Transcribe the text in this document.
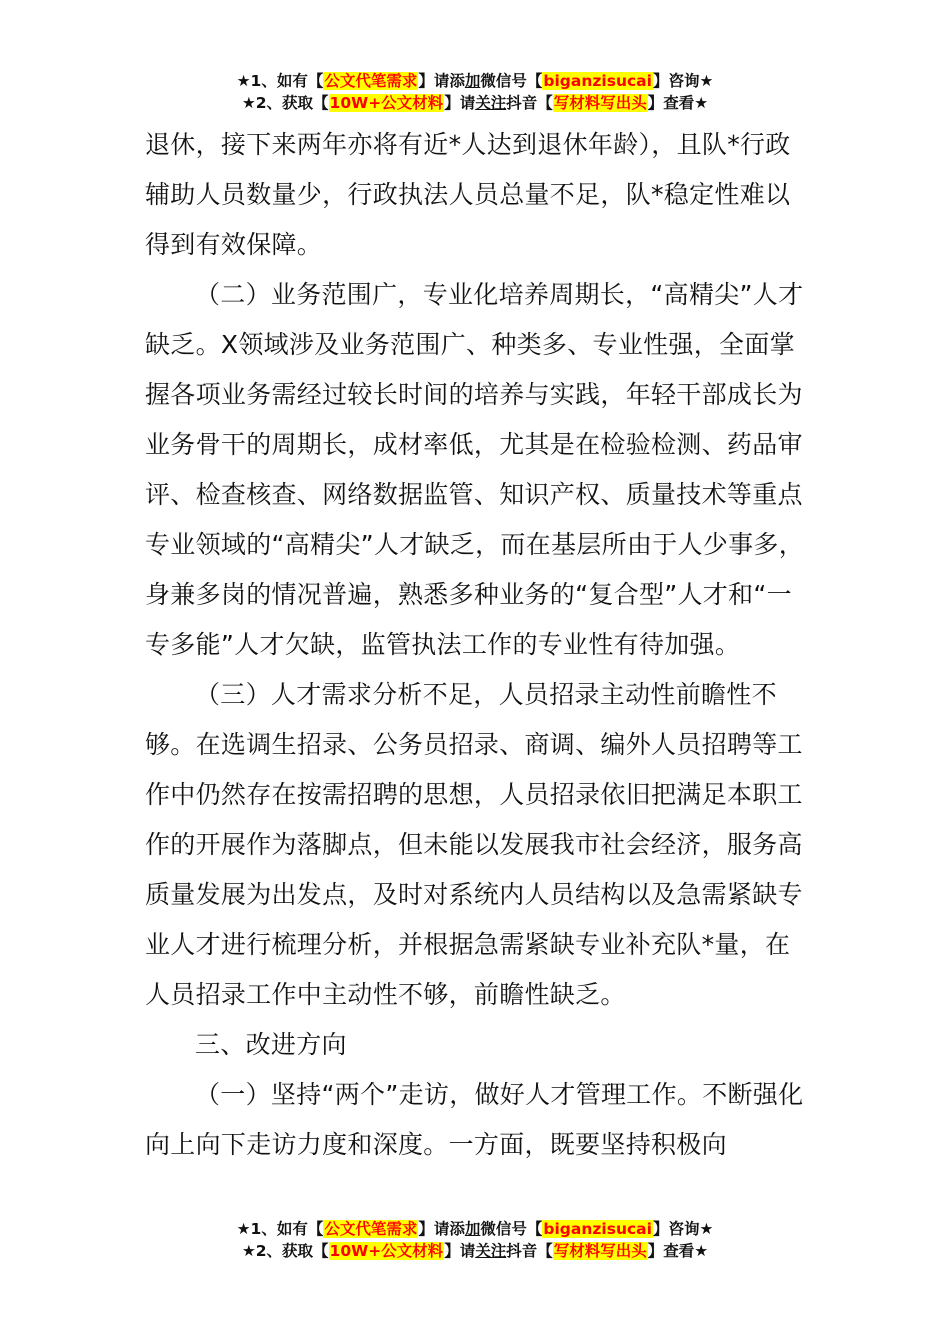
★1、如有【公文代笔需求】请添加微信号【biganzisucai】咨询★
★2、获取【10W+公文材料】请关注抖音【写材料写出头】查看★

退休，接下来两年亦将有近*人达到退休年龄），且队*行政辅助人员数量少，行政执法人员总量不足，队*稳定性难以得到有效保障。

（二）业务范围广，专业化培养周期长，“高精尖”人才缺乏。X领域涉及业务范围广、种类多、专业性强，全面掌握各项业务需经过较长时间的培养与实践，年轻干部成长为业务骨干的周期长，成材率低，尤其是在检验检测、药品审评、检查核查、网络数据监管、知识产权、质量技术等重点专业领域的“高精尖”人才缺乏，而在基层所由于人少事多，身兼多岗的情况普遍，熟悉多种业务的“复合型”人才和“一专多能”人才欠缺，监管执法工作的专业性有待加强。

（三）人才需求分析不足，人员招录主动性前瞻性不够。在选调生招录、公务员招录、商调、编外人员招聘等工作中仍然存在按需招聘的思想，人员招录依旧把满足本职工作的开展作为落脚点，但未能以发展我市社会经济，服务高质量发展为出发点，及时对系统内人员结构以及急需紧缺专业人才进行梳理分析，并根据急需紧缺专业补充队*量，在人员招录工作中主动性不够，前瞻性缺乏。

三、改进方向

（一）坚持“两个”走访，做好人才管理工作。不断强化向上向下走访力度和深度。一方面，既要坚持积极向

★1、如有【公文代笔需求】请添加微信号【biganzisucai】咨询★
★2、获取【10W+公文材料】请关注抖音【写材料写出头】查看★
